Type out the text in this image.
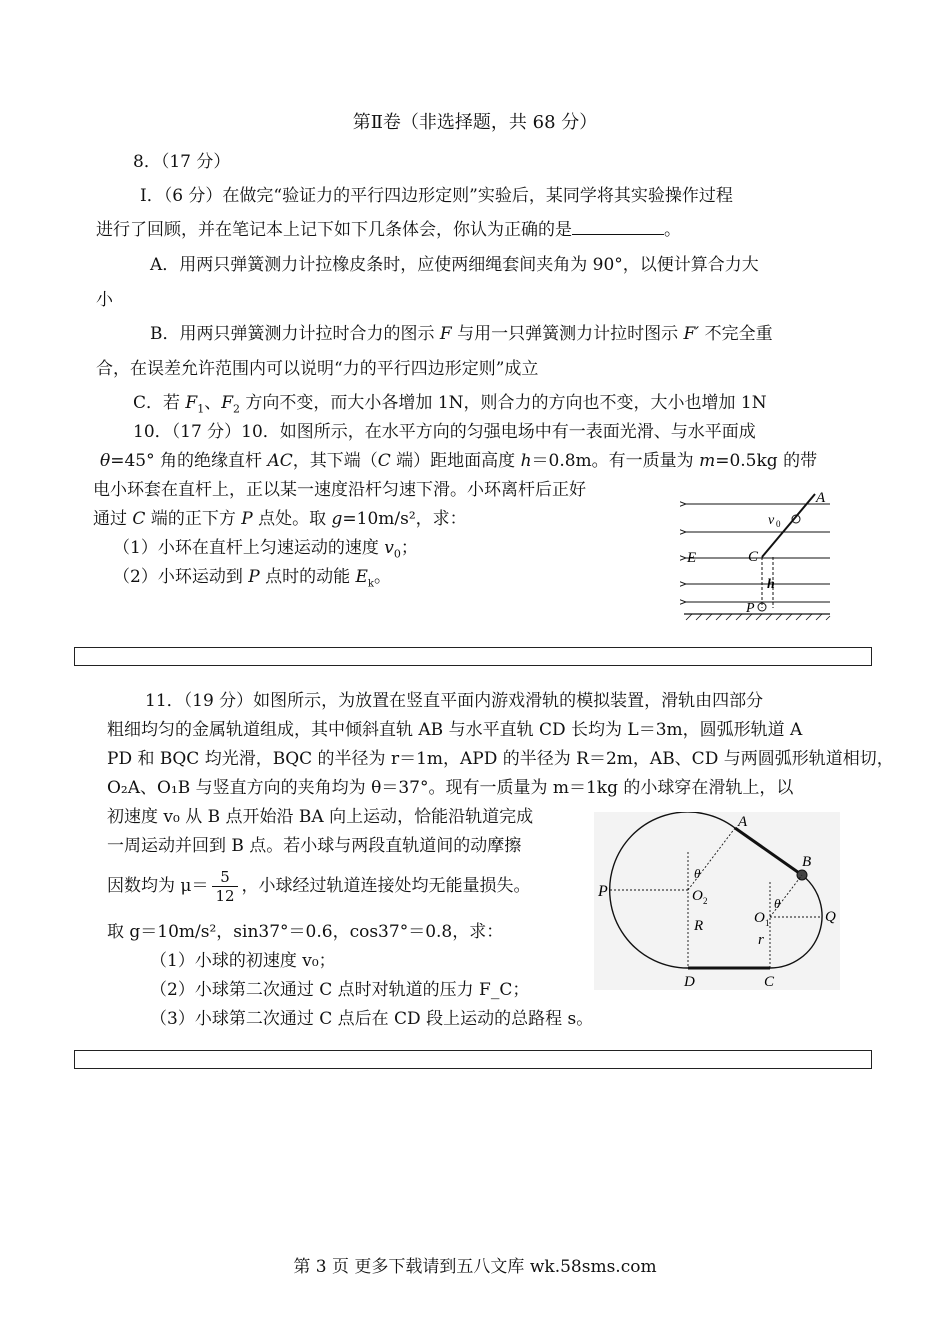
第Ⅱ卷（非选择题，共 68 分）
8．（17 分）
Ⅰ．（6 分）在做完“验证力的平行四边形定则”实验后，某同学将其实验操作过程
进行了回顾，并在笔记本上记下如下几条体会，你认为正确的是	。
A．用两只弹簧测力计拉橡皮条时，应使两细绳套间夹角为 90°，以便计算合力大
小
B．用两只弹簧测力计拉时合力的图示 F 与用一只弹簧测力计拉时图示 F′ 不完全重
合，在误差允许范围内可以说明“力的平行四边形定则”成立
C．若 $F_1$、$F_2$ 方向不变，而大小各增加 1N，则合力的方向也不变，大小也增加 1N
10．（17 分）10．如图所示，在水平方向的匀强电场中有一表面光滑、与水平面成
θ=45° 角的绝缘直杆 AC，其下端（C 端）距地面高度 h＝0.8m。有一质量为 m=0.5kg 的带
电小环套在直杆上，正以某一速度沿杆匀速下滑。小环离杆后正好
通过 C 端的正下方 P 点处。取 g=10m/s²，求：
（1）小环在直杆上匀速运动的速度 $v_0$；
（2）小环运动到 P 点时的动能 $E_k$。
A
v 0
E	C
h
P
11．（19 分）如图所示，为放置在竖直平面内游戏滑轨的模拟装置，滑轨由四部分
粗细均匀的金属轨道组成，其中倾斜直轨 AB 与水平直轨 CD 长均为 L＝3m，圆弧形轨道 A
PD 和 BQC 均光滑，BQC 的半径为 r＝1m，APD 的半径为 R＝2m，AB、CD 与两圆弧形轨道相切，
O₂A、O₁B 与竖直方向的夹角均为 θ＝37°。现有一质量为 m＝1kg 的小球穿在滑轨上，以
初速度 v₀ 从 B 点开始沿 BA 向上运动，恰能沿轨道完成
一周运动并回到 B 点。若小球与两段直轨道间的动摩擦
因数均为 $\mu= \frac{5}{12}$ ，小球经过轨道连接处均无能量损失。
取 g＝10m/s²，sin37°＝0.6，cos37°＝0.8，求：
（1）小球的初速度 v₀；
（2）小球第二次通过 C 点时对轨道的压力 F_C；
（3）小球第二次通过 C 点后在 CD 段上运动的总路程 s。
P
A
B
Q
O 2
O 1
θ
θ
R
r
D	C
第 3 页 更多下载请到五八文库 wk.58sms.com
